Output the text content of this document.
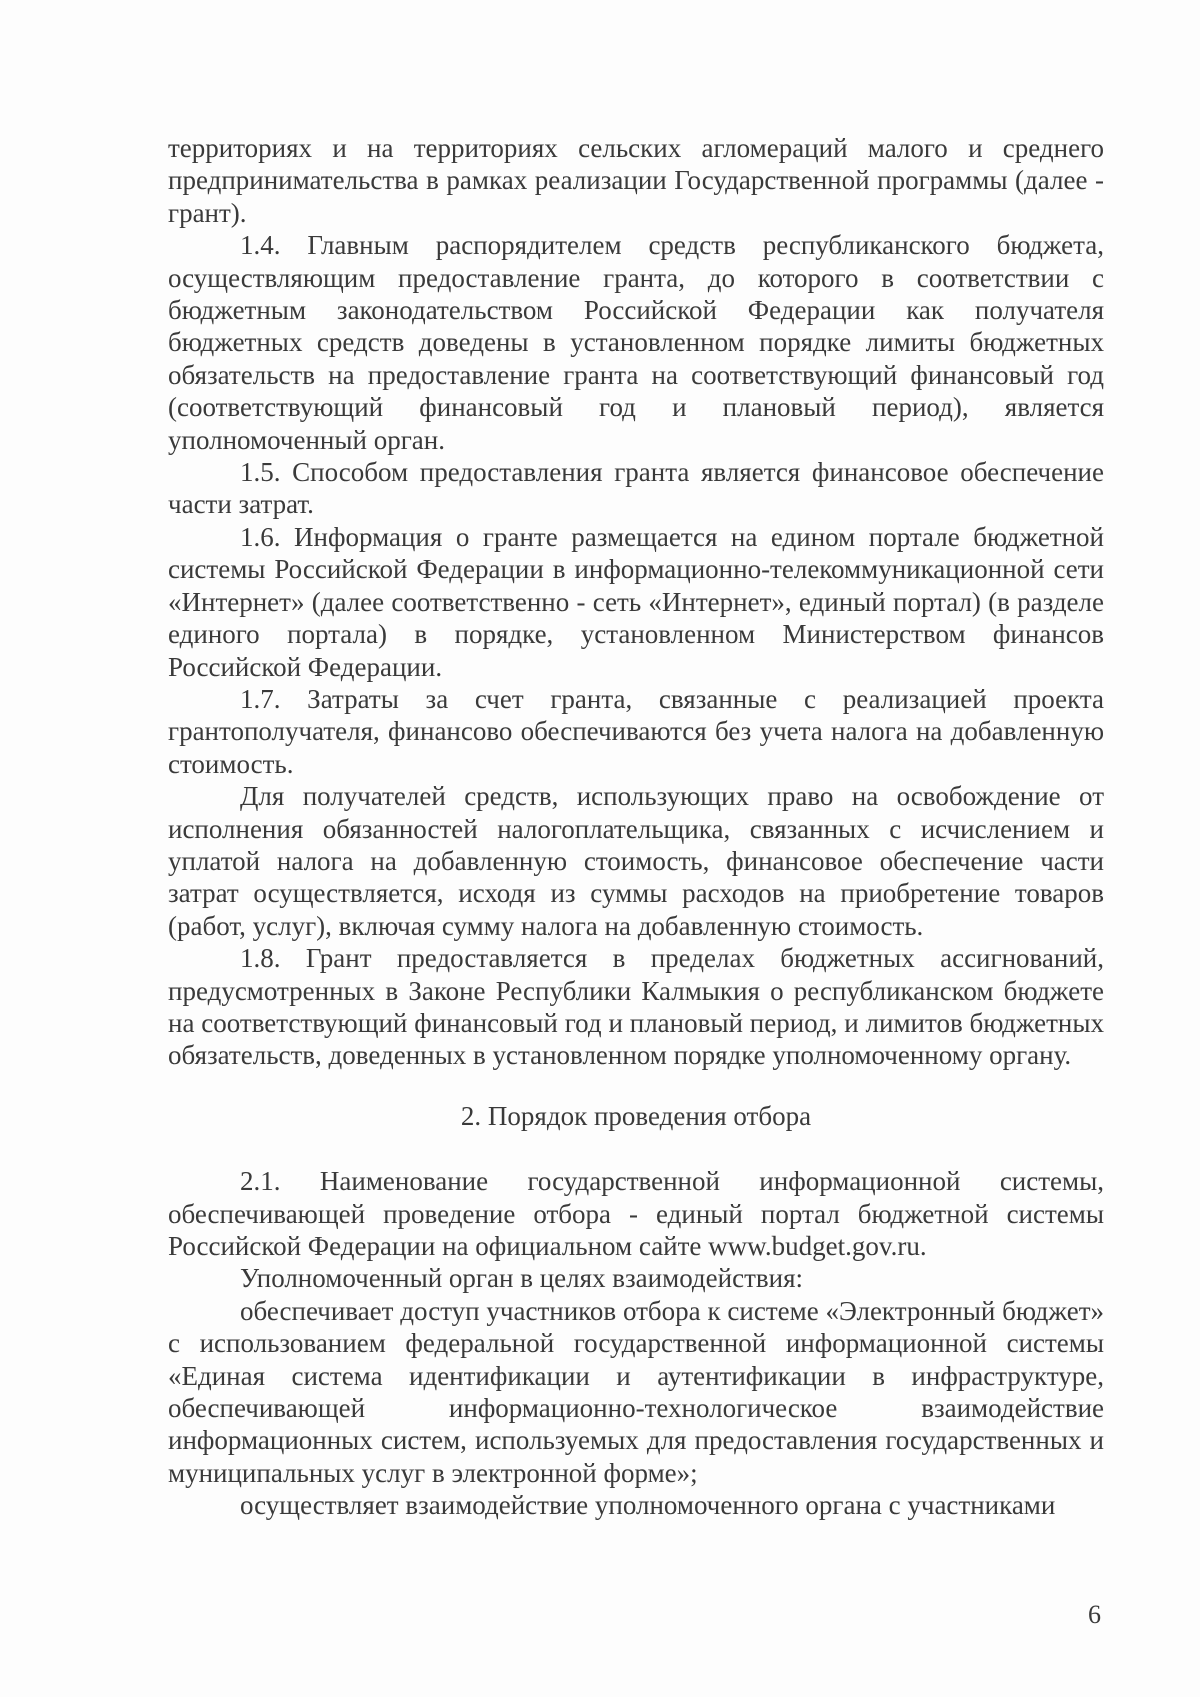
территориях и на территориях сельских агломераций малого и среднего предпринимательства в рамках реализации Государственной программы (далее - грант).

1.4. Главным распорядителем средств республиканского бюджета, осуществляющим предоставление гранта, до которого в соответствии с бюджетным законодательством Российской Федерации как получателя бюджетных средств доведены в установленном порядке лимиты бюджетных обязательств на предоставление гранта на соответствующий финансовый год (соответствующий финансовый год и плановый период), является уполномоченный орган.

1.5. Способом предоставления гранта является финансовое обеспечение части затрат.

1.6. Информация о гранте размещается на едином портале бюджетной системы Российской Федерации в информационно-телекоммуникационной сети «Интернет» (далее соответственно - сеть «Интернет», единый портал) (в разделе единого портала) в порядке, установленном Министерством финансов Российской Федерации.

1.7. Затраты за счет гранта, связанные с реализацией проекта грантополучателя, финансово обеспечиваются без учета налога на добавленную стоимость.

Для получателей средств, использующих право на освобождение от исполнения обязанностей налогоплательщика, связанных с исчислением и уплатой налога на добавленную стоимость, финансовое обеспечение части затрат осуществляется, исходя из суммы расходов на приобретение товаров (работ, услуг), включая сумму налога на добавленную стоимость.

1.8. Грант предоставляется в пределах бюджетных ассигнований, предусмотренных в Законе Республики Калмыкия о республиканском бюджете на соответствующий финансовый год и плановый период, и лимитов бюджетных обязательств, доведенных в установленном порядке уполномоченному органу.

2. Порядок проведения отбора

2.1. Наименование государственной информационной системы, обеспечивающей проведение отбора - единый портал бюджетной системы Российской Федерации на официальном сайте www.budget.gov.ru.

Уполномоченный орган в целях взаимодействия:

обеспечивает доступ участников отбора к системе «Электронный бюджет» с использованием федеральной государственной информационной системы «Единая система идентификации и аутентификации в инфраструктуре, обеспечивающей информационно-технологическое взаимодействие информационных систем, используемых для предоставления государственных и муниципальных услуг в электронной форме»;

осуществляет взаимодействие уполномоченного органа с участниками

6
